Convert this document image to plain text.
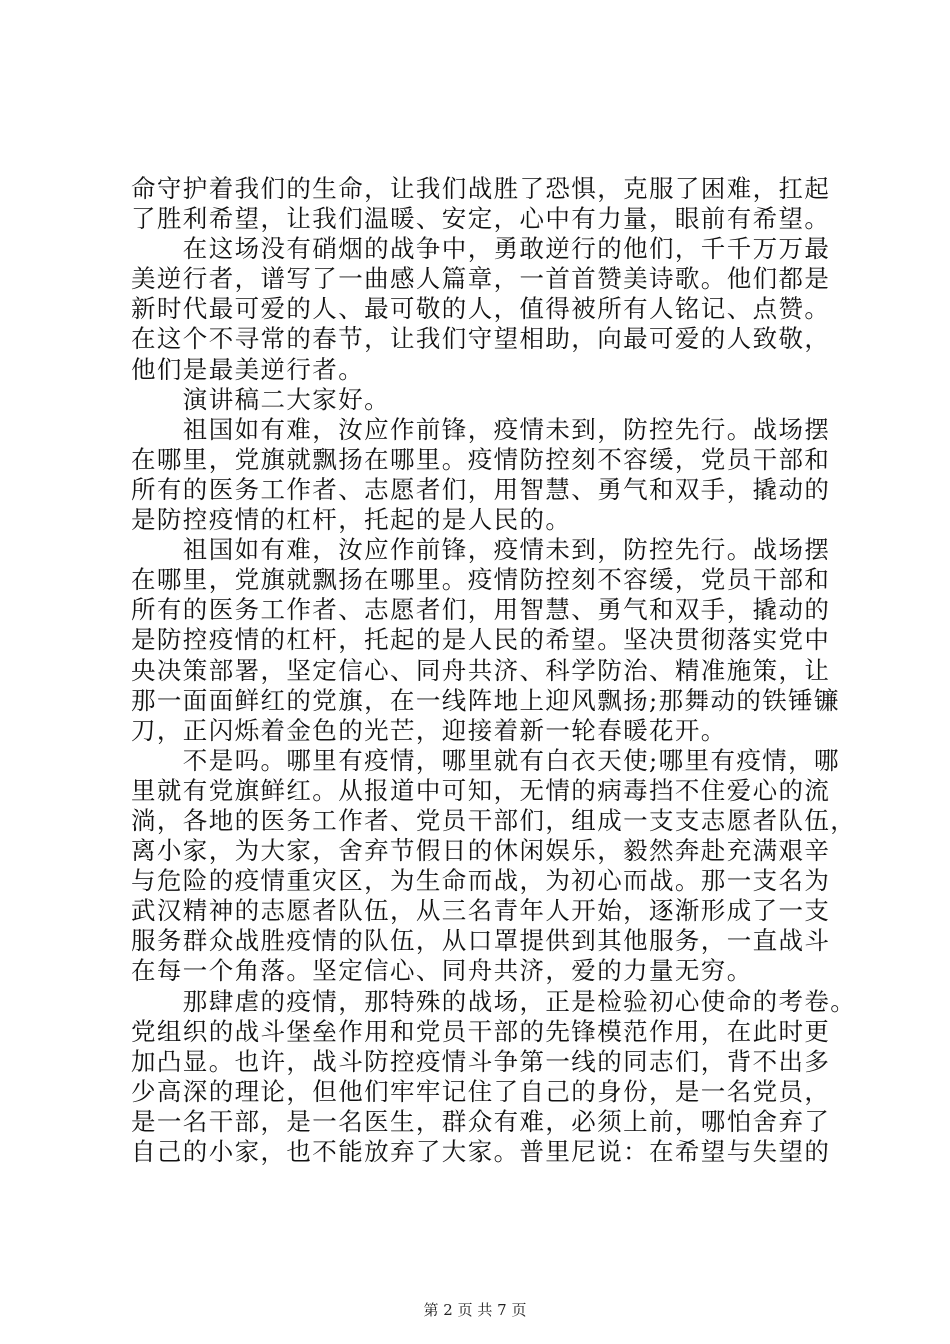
命守护着我们的生命，让我们战胜了恐惧，克服了困难，扛起
了胜利希望，让我们温暖、安定，心中有力量，眼前有希望。
　　在这场没有硝烟的战争中，勇敢逆行的他们，千千万万最
美逆行者，谱写了一曲感人篇章，一首首赞美诗歌。他们都是
新时代最可爱的人、最可敬的人，值得被所有人铭记、点赞。
在这个不寻常的春节，让我们守望相助，向最可爱的人致敬，
他们是最美逆行者。
　　演讲稿二大家好。
　　祖国如有难，汝应作前锋，疫情未到，防控先行。战场摆
在哪里，党旗就飘扬在哪里。疫情防控刻不容缓，党员干部和
所有的医务工作者、志愿者们，用智慧、勇气和双手，撬动的
是防控疫情的杠杆，托起的是人民的。
　　祖国如有难，汝应作前锋，疫情未到，防控先行。战场摆
在哪里，党旗就飘扬在哪里。疫情防控刻不容缓，党员干部和
所有的医务工作者、志愿者们，用智慧、勇气和双手，撬动的
是防控疫情的杠杆，托起的是人民的希望。坚决贯彻落实党中
央决策部署，坚定信心、同舟共济、科学防治、精准施策，让
那一面面鲜红的党旗，在一线阵地上迎风飘扬;那舞动的铁锤镰
刀，正闪烁着金色的光芒，迎接着新一轮春暖花开。
　　不是吗。哪里有疫情，哪里就有白衣天使;哪里有疫情，哪
里就有党旗鲜红。从报道中可知，无情的病毒挡不住爱心的流
淌，各地的医务工作者、党员干部们，组成一支支志愿者队伍，
离小家，为大家，舍弃节假日的休闲娱乐，毅然奔赴充满艰辛
与危险的疫情重灾区，为生命而战，为初心而战。那一支名为
武汉精神的志愿者队伍，从三名青年人开始，逐渐形成了一支
服务群众战胜疫情的队伍，从口罩提供到其他服务，一直战斗
在每一个角落。坚定信心、同舟共济，爱的力量无穷。
　　那肆虐的疫情，那特殊的战场，正是检验初心使命的考卷。
党组织的战斗堡垒作用和党员干部的先锋模范作用，在此时更
加凸显。也许，战斗防控疫情斗争第一线的同志们，背不出多
少高深的理论，但他们牢牢记住了自己的身份，是一名党员，
是一名干部，是一名医生，群众有难，必须上前，哪怕舍弃了
自己的小家，也不能放弃了大家。普里尼说：在希望与失望的
第 2 页 共 7 页
